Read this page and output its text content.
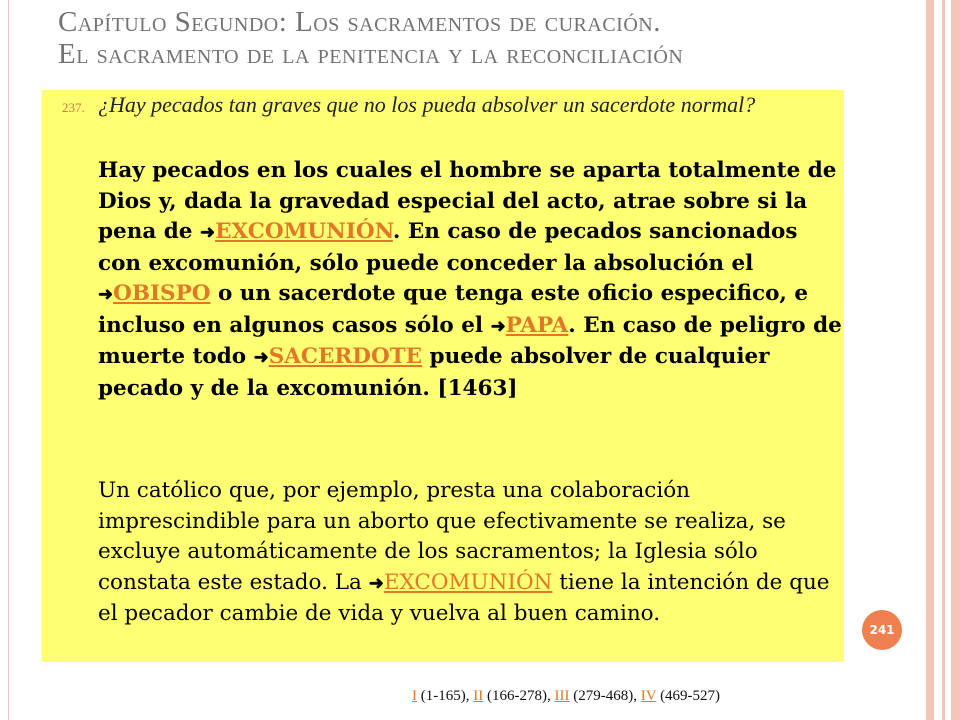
Capítulo Segundo: Los sacramentos de curación.
El sacramento de la penitencia y la reconciliación
237. ¿Hay pecados tan graves que no los pueda absolver un sacerdote normal?
Hay pecados en los cuales el hombre se aparta totalmente de Dios y, dada la gravedad especial del acto, atrae sobre si la pena de ➜EXCOMUNIÓN. En caso de pecados sancionados con excomunión, sólo puede conceder la absolución el ➜OBISPO o un sacerdote que tenga este oficio especifico, e incluso en algunos casos sólo el ➜PAPA. En caso de peligro de muerte todo ➜SACERDOTE puede absolver de cualquier pecado y de la excomunión. [1463]
Un católico que, por ejemplo, presta una colaboración imprescindible para un aborto que efectivamente se realiza, se excluye automáticamente de los sacramentos; la Iglesia sólo constata este estado. La ➜EXCOMUNIÓN tiene la intención de que el pecador cambie de vida y vuelva al buen camino.
241
I (1-165), II (166-278), III (279-468), IV (469-527)
